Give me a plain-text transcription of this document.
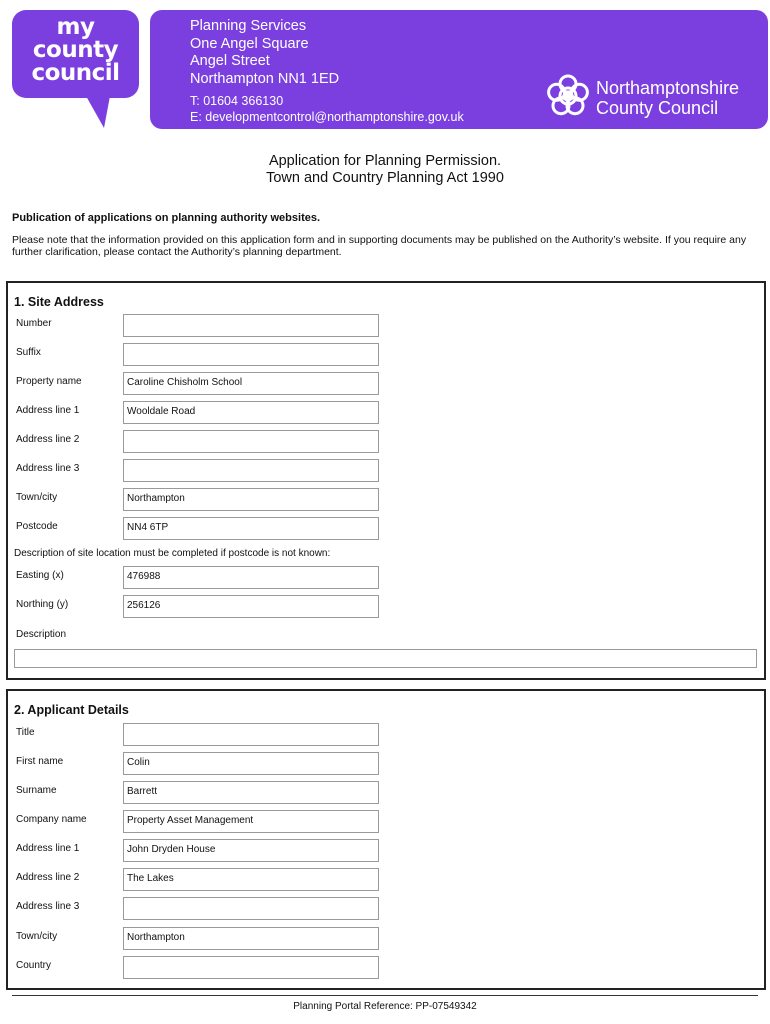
my
county
council
Planning Services
One Angel Square
Angel Street
Northampton NN1 1ED
T: 01604 366130
E: developmentcontrol@northamptonshire.gov.uk
Northamptonshire
County Council
Application for Planning Permission.
Town and Country Planning Act 1990
Publication of applications on planning authority websites.
Please note that the information provided on this application form and in supporting documents may be published on the Authority’s website. If you require any further clarification, please contact the Authority’s planning department.
1. Site Address
Number
Suffix
Property name	Caroline Chisholm School
Address line 1	Wooldale Road
Address line 2
Address line 3
Town/city	Northampton
Postcode	NN4 6TP
Description of site location must be completed if postcode is not known:
Easting (x)	476988
Northing (y)	256126
Description
2. Applicant Details
Title
First name	Colin
Surname	Barrett
Company name	Property Asset Management
Address line 1	John Dryden House
Address line 2	The Lakes
Address line 3
Town/city	Northampton
Country
Planning Portal Reference: PP-07549342
